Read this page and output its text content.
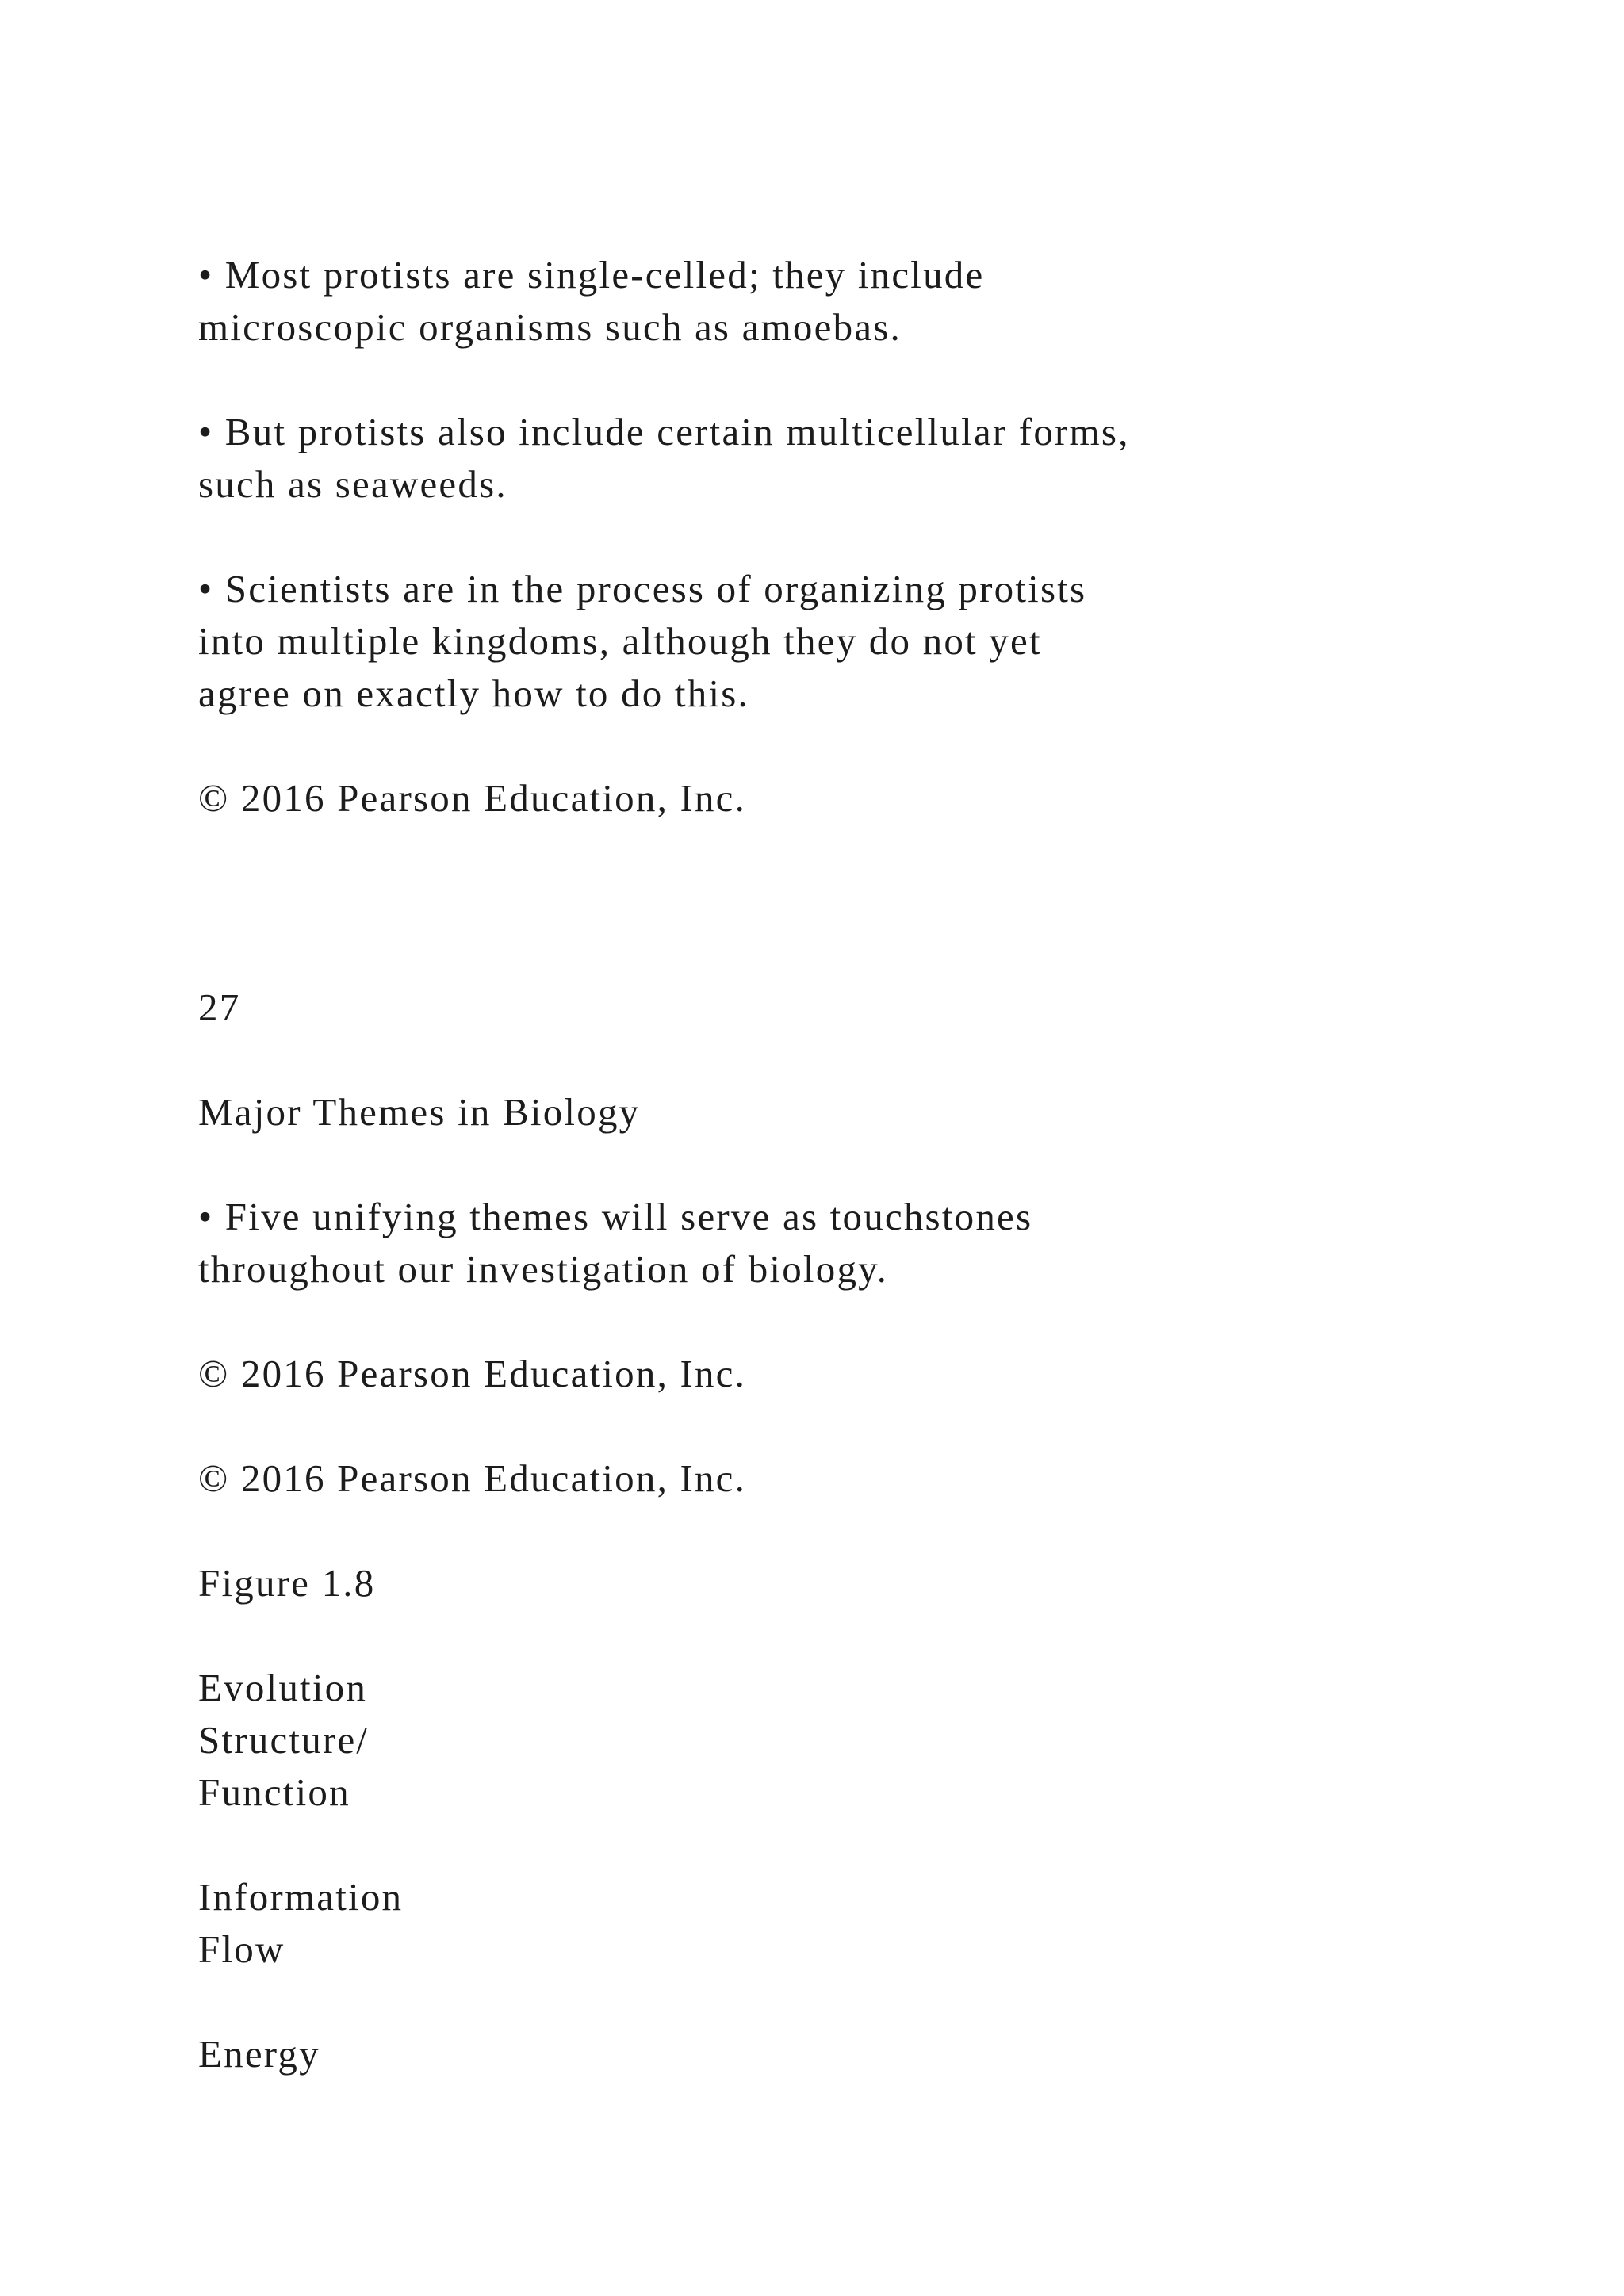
• Most protists are single-celled; they include

microscopic organisms such as amoebas.

• But protists also include certain multicellular forms,

such as seaweeds.

• Scientists are in the process of organizing protists

into multiple kingdoms, although they do not yet

agree on exactly how to do this.

© 2016 Pearson Education, Inc.

27

Major Themes in Biology

• Five unifying themes will serve as touchstones

throughout our investigation of biology.

© 2016 Pearson Education, Inc.

© 2016 Pearson Education, Inc.

Figure 1.8

Evolution

Structure/

Function

Information

Flow

Energy
